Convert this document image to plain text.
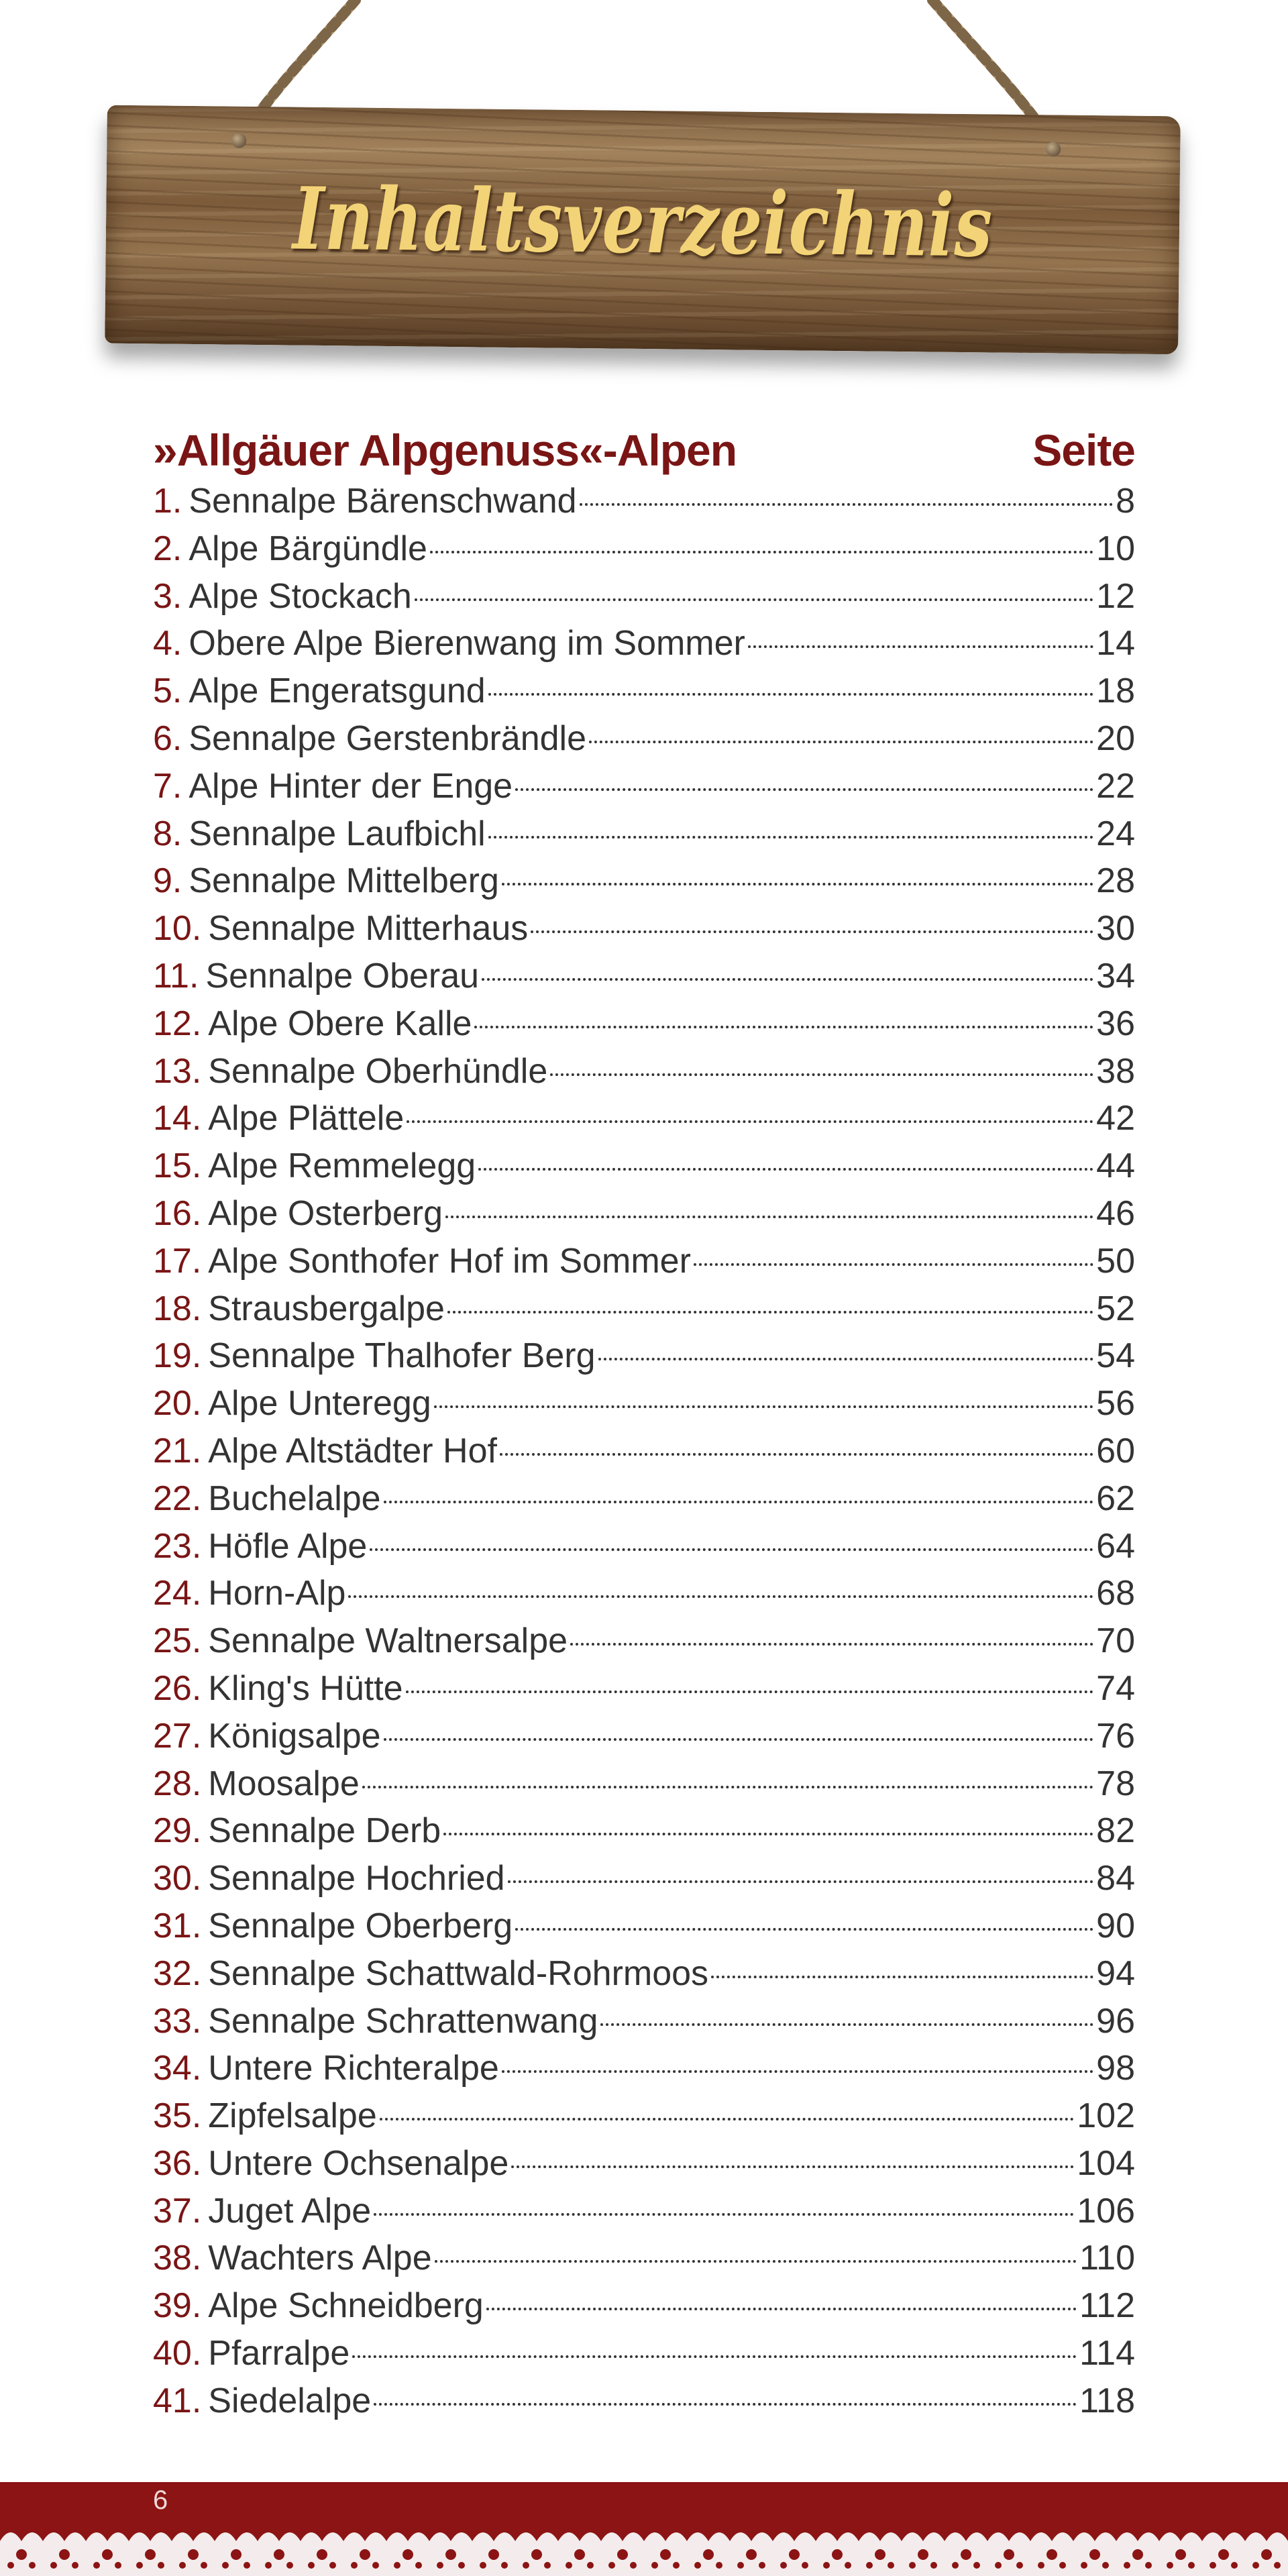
Inhaltsverzeichnis
»Allgäuer Alpgenuss«-Alpen	Seite
1. Sennalpe Bärenschwand	8
2. Alpe Bärgündle	10
3. Alpe Stockach	12
4. Obere Alpe Bierenwang im Sommer	14
5. Alpe Engeratsgund	18
6. Sennalpe Gerstenbrändle	20
7. Alpe Hinter der Enge	22
8. Sennalpe Laufbichl	24
9. Sennalpe Mittelberg	28
10. Sennalpe Mitterhaus	30
11. Sennalpe Oberau	34
12. Alpe Obere Kalle	36
13. Sennalpe Oberhündle	38
14. Alpe Plättele	42
15. Alpe Remmelegg	44
16. Alpe Osterberg	46
17. Alpe Sonthofer Hof im Sommer	50
18. Strausbergalpe	52
19. Sennalpe Thalhofer Berg	54
20. Alpe Unteregg	56
21. Alpe Altstädter Hof	60
22. Buchelalpe	62
23. Höfle Alpe	64
24. Horn-Alp	68
25. Sennalpe Waltnersalpe	70
26. Kling's Hütte	74
27. Königsalpe	76
28. Moosalpe	78
29. Sennalpe Derb	82
30. Sennalpe Hochried	84
31. Sennalpe Oberberg	90
32. Sennalpe Schattwald-Rohrmoos	94
33. Sennalpe Schrattenwang	96
34. Untere Richteralpe	98
35. Zipfelsalpe	102
36. Untere Ochsenalpe	104
37. Juget Alpe	106
38. Wachters Alpe	110
39. Alpe Schneidberg	112
40. Pfarralpe	114
41. Siedelalpe	118
6
